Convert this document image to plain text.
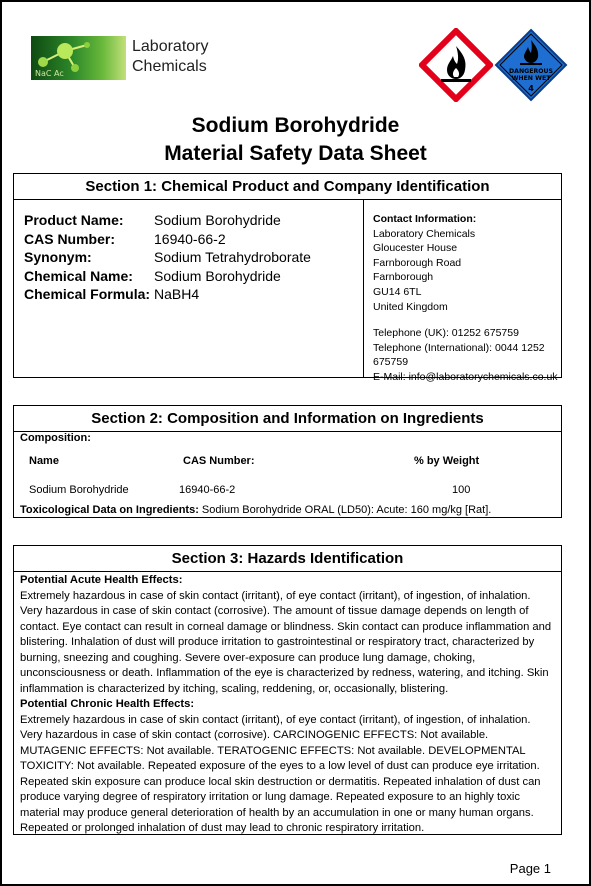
NaC Ac
Laboratory
Chemicals	DANGEROUS
WHEN WET
4
Sodium Borohydride
Material Safety Data Sheet
Section 1: Chemical Product and Company Identification
Product Name:	Sodium Borohydride
CAS Number:	16940-66-2
Synonym:	Sodium Tetrahydroborate
Chemical Name:	Sodium Borohydride
Chemical Formula:	NaBH4
Contact Information:
Laboratory Chemicals
Gloucester House
Farnborough Road
Farnborough
GU14 6TL
United Kingdom
Telephone (UK): 01252 675759
Telephone (International): 0044 1252 675759
E-Mail: info@laboratorychemicals.co.uk
Section 2: Composition and Information on Ingredients
Composition:
Name	CAS Number:	% by Weight
Sodium Borohydride	16940-66-2	100
Toxicological Data on Ingredients: Sodium Borohydride ORAL (LD50): Acute: 160 mg/kg [Rat].
Section 3: Hazards Identification

Potential Acute Health Effects:

Extremely hazardous in case of skin contact (irritant), of eye contact (irritant), of ingestion, of inhalation. Very hazardous in case of skin contact (corrosive). The amount of tissue damage depends on length of contact. Eye contact can result in corneal damage or blindness. Skin contact can produce inflammation and blistering. Inhalation of dust will produce irritation to gastrointestinal or respiratory tract, characterized by burning, sneezing and coughing. Severe over-exposure can produce lung damage, choking, unconsciousness or death. Inflammation of the eye is characterized by redness, watering, and itching. Skin inflammation is characterized by itching, scaling, reddening, or, occasionally, blistering.

Potential Chronic Health Effects:

Extremely hazardous in case of skin contact (irritant), of eye contact (irritant), of ingestion, of inhalation. Very hazardous in case of skin contact (corrosive). CARCINOGENIC EFFECTS: Not available. MUTAGENIC EFFECTS: Not available. TERATOGENIC EFFECTS: Not available. DEVELOPMENTAL TOXICITY: Not available. Repeated exposure of the eyes to a low level of dust can produce eye irritation. Repeated skin exposure can produce local skin destruction or dermatitis. Repeated inhalation of dust can produce varying degree of respiratory irritation or lung damage. Repeated exposure to an highly toxic material may produce general deterioration of health by an accumulation in one or many human organs. Repeated or prolonged inhalation of dust may lead to chronic respiratory irritation.

Page 1
